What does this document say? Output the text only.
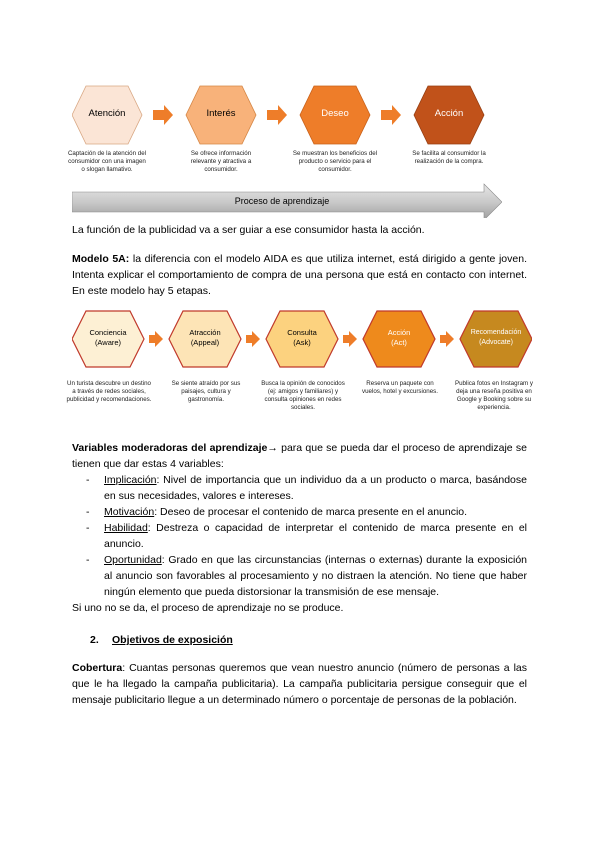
Atención	Interés	Deseo	Acción
Captación de la atención del consumidor con una imagen o slogan llamativo.
Se ofrece información relevante y atractiva a consumidor.
Se muestran los beneficios del producto o servicio para el consumidor.
Se facilita al consumidor la realización de la compra.
Proceso de aprendizaje
La función de la publicidad va a ser guiar a ese consumidor hasta la acción.
Modelo 5A: la diferencia con el modelo AIDA es que utiliza internet, está dirigido a gente joven. Intenta explicar el comportamiento de compra de una persona que está en contacto con internet. En este modelo hay 5 etapas.
Conciencia
(Aware)
Atracción
(Appeal)
Consulta
(Ask)
Acción
(Act)
Recomendación
(Advocate)
Un turista descubre un destino a través de redes sociales, publicidad y recomendaciones.
Se siente atraído por sus paisajes, cultura y gastronomía.
Busca la opinión de conocidos (ej: amigos y familiares) y consulta opiniones en redes sociales.
Reserva un paquete con vuelos, hotel y excursiones.
Publica fotos en Instagram y deja una reseña positiva en Google y Booking sobre su experiencia.
Variables moderadoras del aprendizaje→ para que se pueda dar el proceso de aprendizaje se tienen que dar estas 4 variables:
- Implicación: Nivel de importancia que un individuo da a un producto o marca, basándose en sus necesidades, valores e intereses.
- Motivación: Deseo de procesar el contenido de marca presente en el anuncio.
- Habilidad: Destreza o capacidad de interpretar el contenido de marca presente en el anuncio.
- Oportunidad: Grado en que las circunstancias (internas o externas) durante la exposición al anuncio son favorables al procesamiento y no distraen la atención. No tiene que haber ningún elemento que pueda distorsionar la transmisión de ese mensaje.
Si uno no se da, el proceso de aprendizaje no se produce.
2. Objetivos de exposición
Cobertura: Cuantas personas queremos que vean nuestro anuncio (número de personas a las que le ha llegado la campaña publicitaria). La campaña publicitaria persigue conseguir que el mensaje publicitario llegue a un determinado número o porcentaje de personas de la población.
